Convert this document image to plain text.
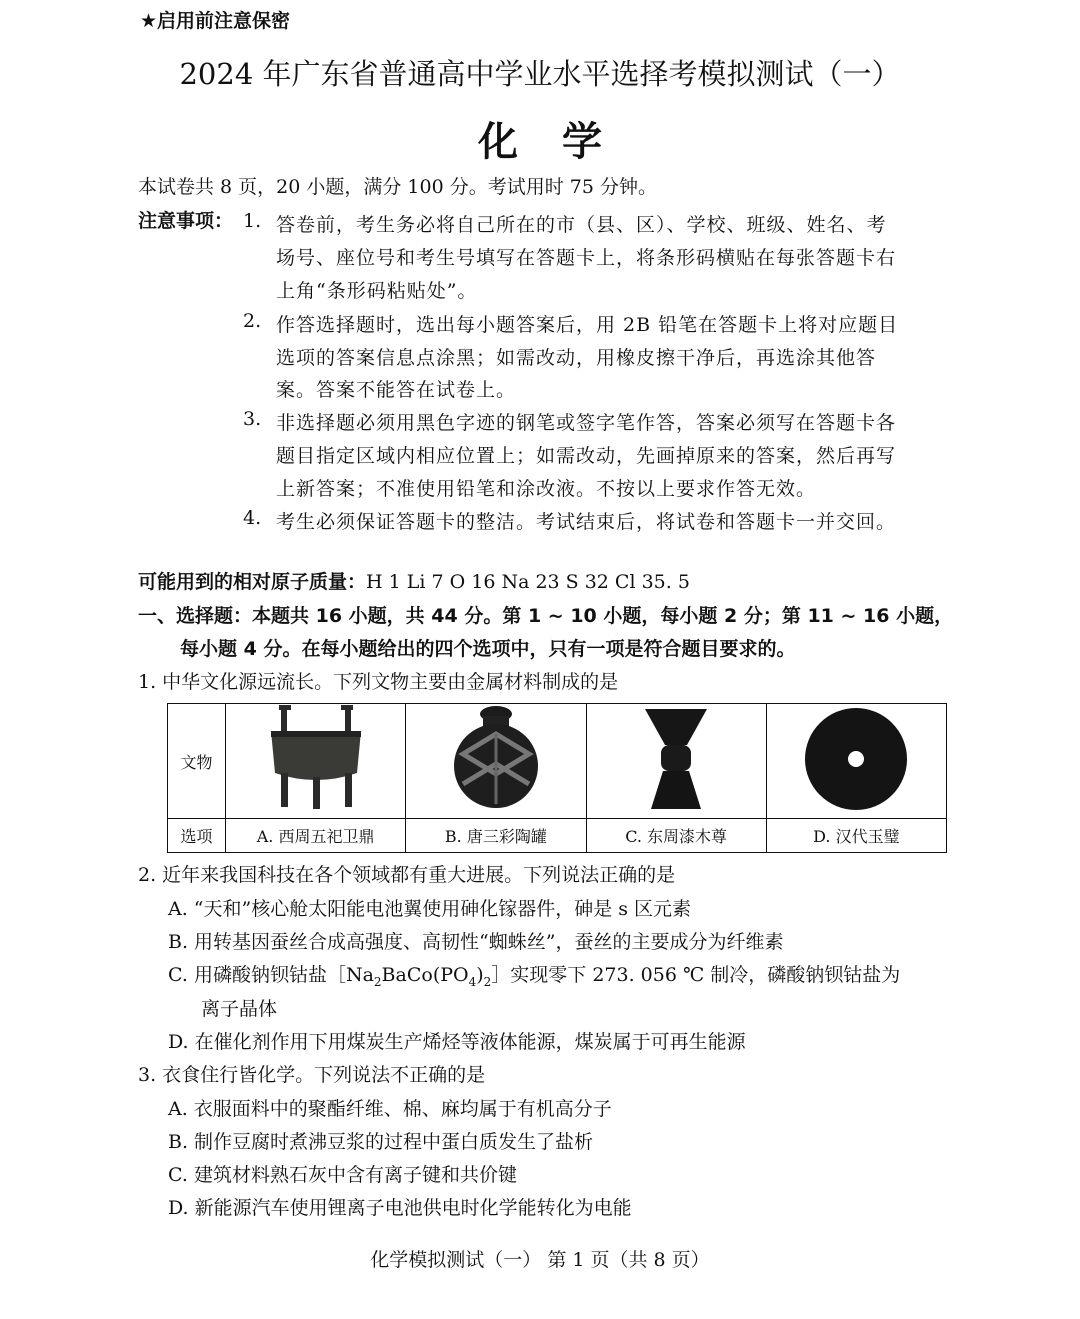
★启用前注意保密
2024 年广东省普通高中学业水平选择考模拟测试（一）
化学
本试卷共 8 页，20 小题，满分 100 分。考试用时 75 分钟。
注意事项： 1. 答卷前，考生务必将自己所在的市（县、区）、学校、班级、姓名、考
场号、座位号和考生号填写在答题卡上，将条形码横贴在每张答题卡右
上角“条形码粘贴处”。
2. 作答选择题时，选出每小题答案后，用 2B 铅笔在答题卡上将对应题目
选项的答案信息点涂黑；如需改动，用橡皮擦干净后，再选涂其他答
案。答案不能答在试卷上。
3. 非选择题必须用黑色字迹的钢笔或签字笔作答，答案必须写在答题卡各
题目指定区域内相应位置上；如需改动，先画掉原来的答案，然后再写
上新答案；不准使用铅笔和涂改液。不按以上要求作答无效。
4. 考生必须保证答题卡的整洁。考试结束后，将试卷和答题卡一并交回。
可能用到的相对原子质量：H 1 Li 7 O 16 Na 23 S 32 Cl 35. 5
一、选择题：本题共 16 小题，共 44 分。第 1 ~ 10 小题，每小题 2 分；第 11 ~ 16 小题，
每小题 4 分。在每小题给出的四个选项中，只有一项是符合题目要求的。
1. 中华文化源远流长。下列文物主要由金属材料制成的是
文物				
选项	A. 西周五祀卫鼎	B. 唐三彩陶罐	C. 东周漆木尊	D. 汉代玉璧
2. 近年来我国科技在各个领域都有重大进展。下列说法正确的是
A. “天和”核心舱太阳能电池翼使用砷化镓器件，砷是 s 区元素
B. 用转基因蚕丝合成高强度、高韧性“蜘蛛丝”，蚕丝的主要成分为纤维素
C. 用磷酸钠钡钴盐$[Na_2BaCo(PO_4)_2]$实现零下 273. 056 ℃ 制冷，磷酸钠钡钴盐为
离子晶体
D. 在催化剂作用下用煤炭生产烯烃等液体能源，煤炭属于可再生能源
3. 衣食住行皆化学。下列说法不正确的是
A. 衣服面料中的聚酯纤维、棉、麻均属于有机高分子
B. 制作豆腐时煮沸豆浆的过程中蛋白质发生了盐析
C. 建筑材料熟石灰中含有离子键和共价键
D. 新能源汽车使用锂离子电池供电时化学能转化为电能
化学模拟测试（一） 第 1 页（共 8 页）
